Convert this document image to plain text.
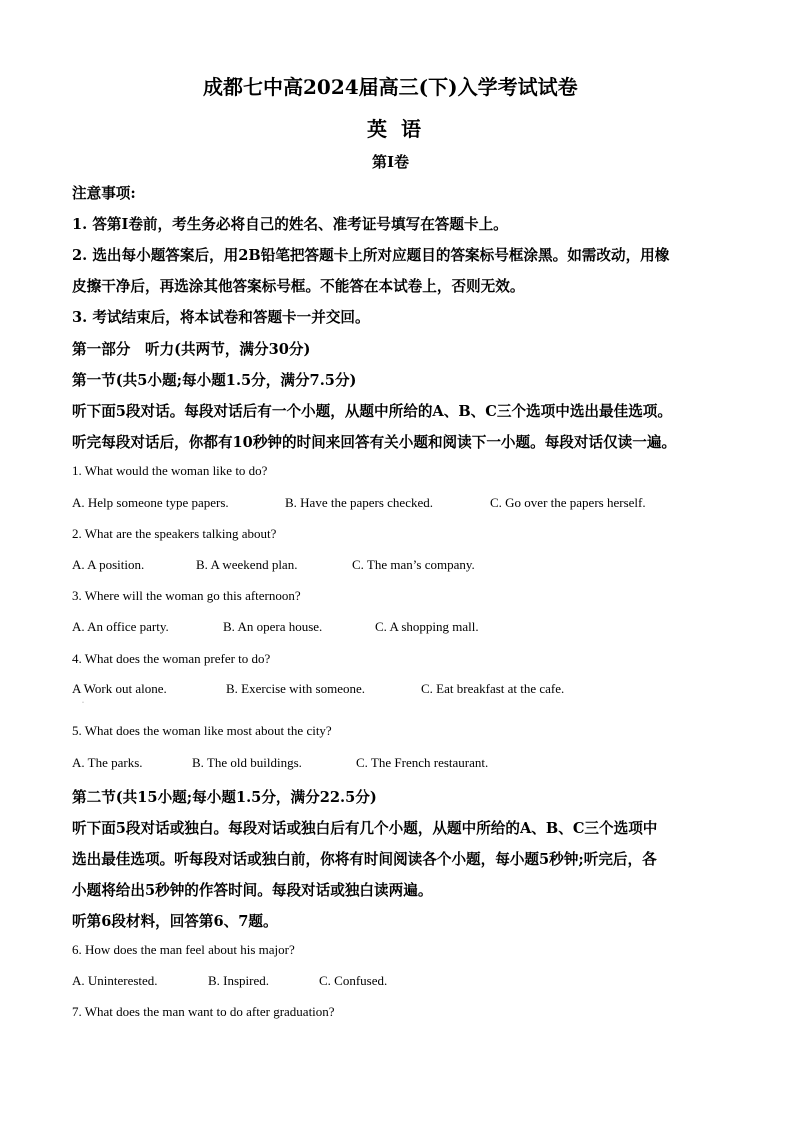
成都七中高2024届高三(下)入学考试试卷
英语
第Ⅰ卷
注意事项:
1. 答第Ⅰ卷前，考生务必将自己的姓名、准考证号填写在答题卡上。
2. 选出每小题答案后，用2B铅笔把答题卡上所对应题目的答案标号框涂黑。如需改动，用橡
皮擦干净后，再选涂其他答案标号框。不能答在本试卷上，否则无效。
3. 考试结束后，将本试卷和答题卡一并交回。
第一部分　听力(共两节，满分30分)
第一节(共5小题;每小题1.5分，满分7.5分)
听下面5段对话。每段对话后有一个小题，从题中所给的A、B、C三个选项中选出最佳选项。
听完每段对话后，你都有10秒钟的时间来回答有关小题和阅读下一小题。每段对话仅读一遍。
1. What would the woman like to do?
A. Help someone type papers.	B. Have the papers checked.	C. Go over the papers herself.
2. What are the speakers talking about?
A. A position.	B. A weekend plan.	C. The man’s company.
3. Where will the woman go this afternoon?
A. An office party.	B. An opera house.	C. A shopping mall.
4. What does the woman prefer to do?
A Work out alone.	B. Exercise with someone.	C. Eat breakfast at the cafe.
·
5. What does the woman like most about the city?
A. The parks.	B. The old buildings.	C. The French restaurant.
第二节(共15小题;每小题1.5分，满分22.5分)
听下面5段对话或独白。每段对话或独白后有几个小题，从题中所给的A、B、C三个选项中
选出最佳选项。听每段对话或独白前，你将有时间阅读各个小题，每小题5秒钟;听完后，各
小题将给出5秒钟的作答时间。每段对话或独白读两遍。
听第6段材料，回答第6、7题。
6. How does the man feel about his major?
A. Uninterested.	B. Inspired.	C. Confused.
7. What does the man want to do after graduation?
